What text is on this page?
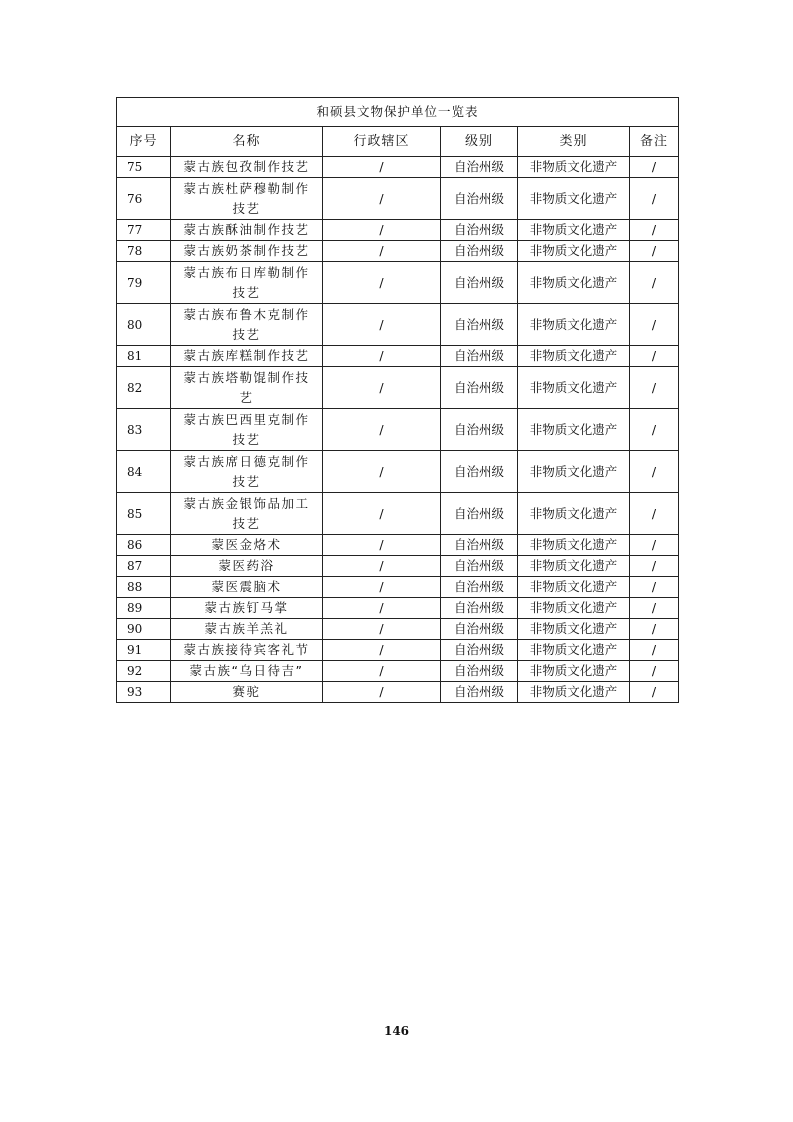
和硕县文物保护单位一览表					
序号	名称	行政辖区	级别	类别	备注
75	蒙古族包孜制作技艺	/	自治州级	非物质文化遗产	/
76	蒙古族杜萨穆勒制作技艺	/	自治州级	非物质文化遗产	/
77	蒙古族酥油制作技艺	/	自治州级	非物质文化遗产	/
78	蒙古族奶茶制作技艺	/	自治州级	非物质文化遗产	/
79	蒙古族布日库勒制作技艺	/	自治州级	非物质文化遗产	/
80	蒙古族布鲁木克制作技艺	/	自治州级	非物质文化遗产	/
81	蒙古族库糕制作技艺	/	自治州级	非物质文化遗产	/
82	蒙古族塔勒馄制作技艺	/	自治州级	非物质文化遗产	/
83	蒙古族巴西里克制作技艺	/	自治州级	非物质文化遗产	/
84	蒙古族席日德克制作技艺	/	自治州级	非物质文化遗产	/
85	蒙古族金银饰品加工技艺	/	自治州级	非物质文化遗产	/
86	蒙医金烙术	/	自治州级	非物质文化遗产	/
87	蒙医药浴	/	自治州级	非物质文化遗产	/
88	蒙医震脑术	/	自治州级	非物质文化遗产	/
89	蒙古族钉马掌	/	自治州级	非物质文化遗产	/
90	蒙古族羊羔礼	/	自治州级	非物质文化遗产	/
91	蒙古族接待宾客礼节	/	自治州级	非物质文化遗产	/
92	蒙古族“乌日待吉”	/	自治州级	非物质文化遗产	/
93	赛驼	/	自治州级	非物质文化遗产	/
146
